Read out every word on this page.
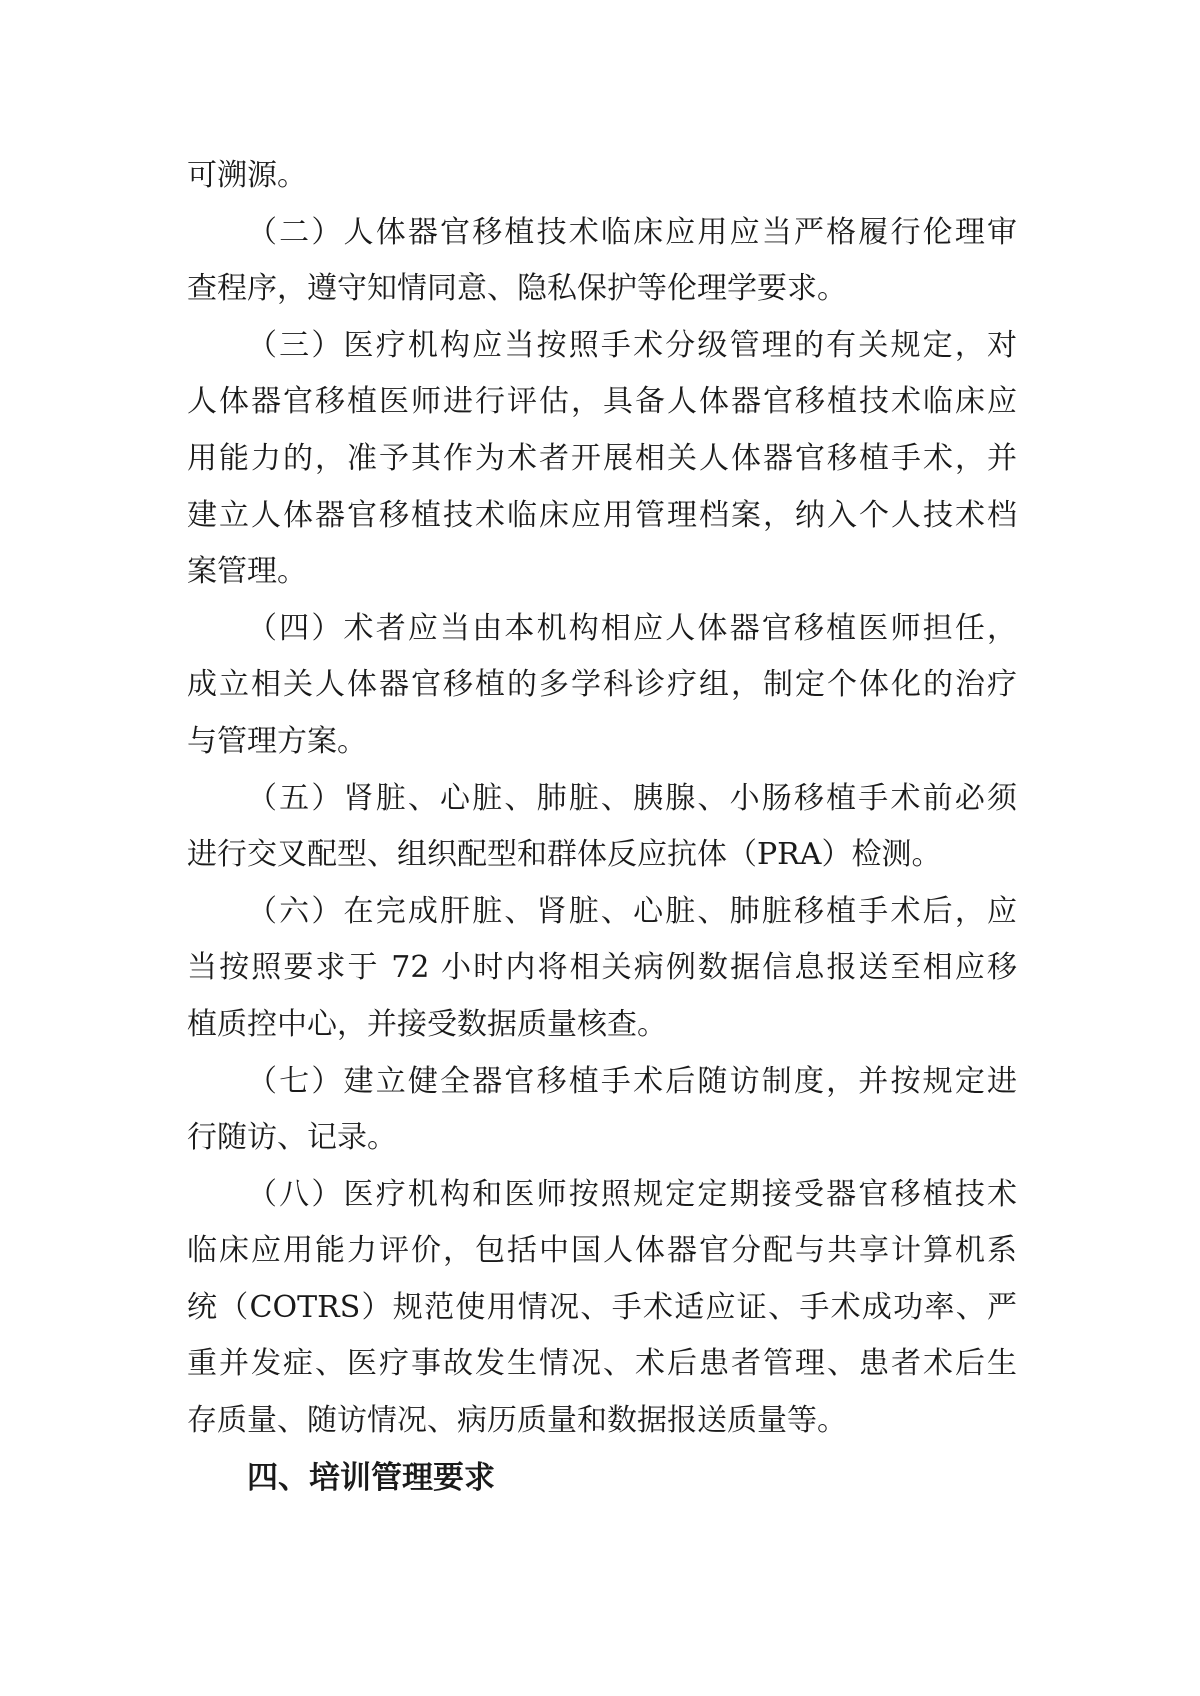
可溯源。
（二）人体器官移植技术临床应用应当严格履行伦理审
查程序，遵守知情同意、隐私保护等伦理学要求。
（三）医疗机构应当按照手术分级管理的有关规定，对
人体器官移植医师进行评估，具备人体器官移植技术临床应
用能力的，准予其作为术者开展相关人体器官移植手术，并
建立人体器官移植技术临床应用管理档案，纳入个人技术档
案管理。
（四）术者应当由本机构相应人体器官移植医师担任，
成立相关人体器官移植的多学科诊疗组，制定个体化的治疗
与管理方案。
（五）肾脏、心脏、肺脏、胰腺、小肠移植手术前必须
进行交叉配型、组织配型和群体反应抗体（PRA）检测。
（六）在完成肝脏、肾脏、心脏、肺脏移植手术后，应
当按照要求于 72 小时内将相关病例数据信息报送至相应移
植质控中心，并接受数据质量核查。
（七）建立健全器官移植手术后随访制度，并按规定进
行随访、记录。
（八）医疗机构和医师按照规定定期接受器官移植技术
临床应用能力评价，包括中国人体器官分配与共享计算机系
统（COTRS）规范使用情况、手术适应证、手术成功率、严
重并发症、医疗事故发生情况、术后患者管理、患者术后生
存质量、随访情况、病历质量和数据报送质量等。
四、培训管理要求
